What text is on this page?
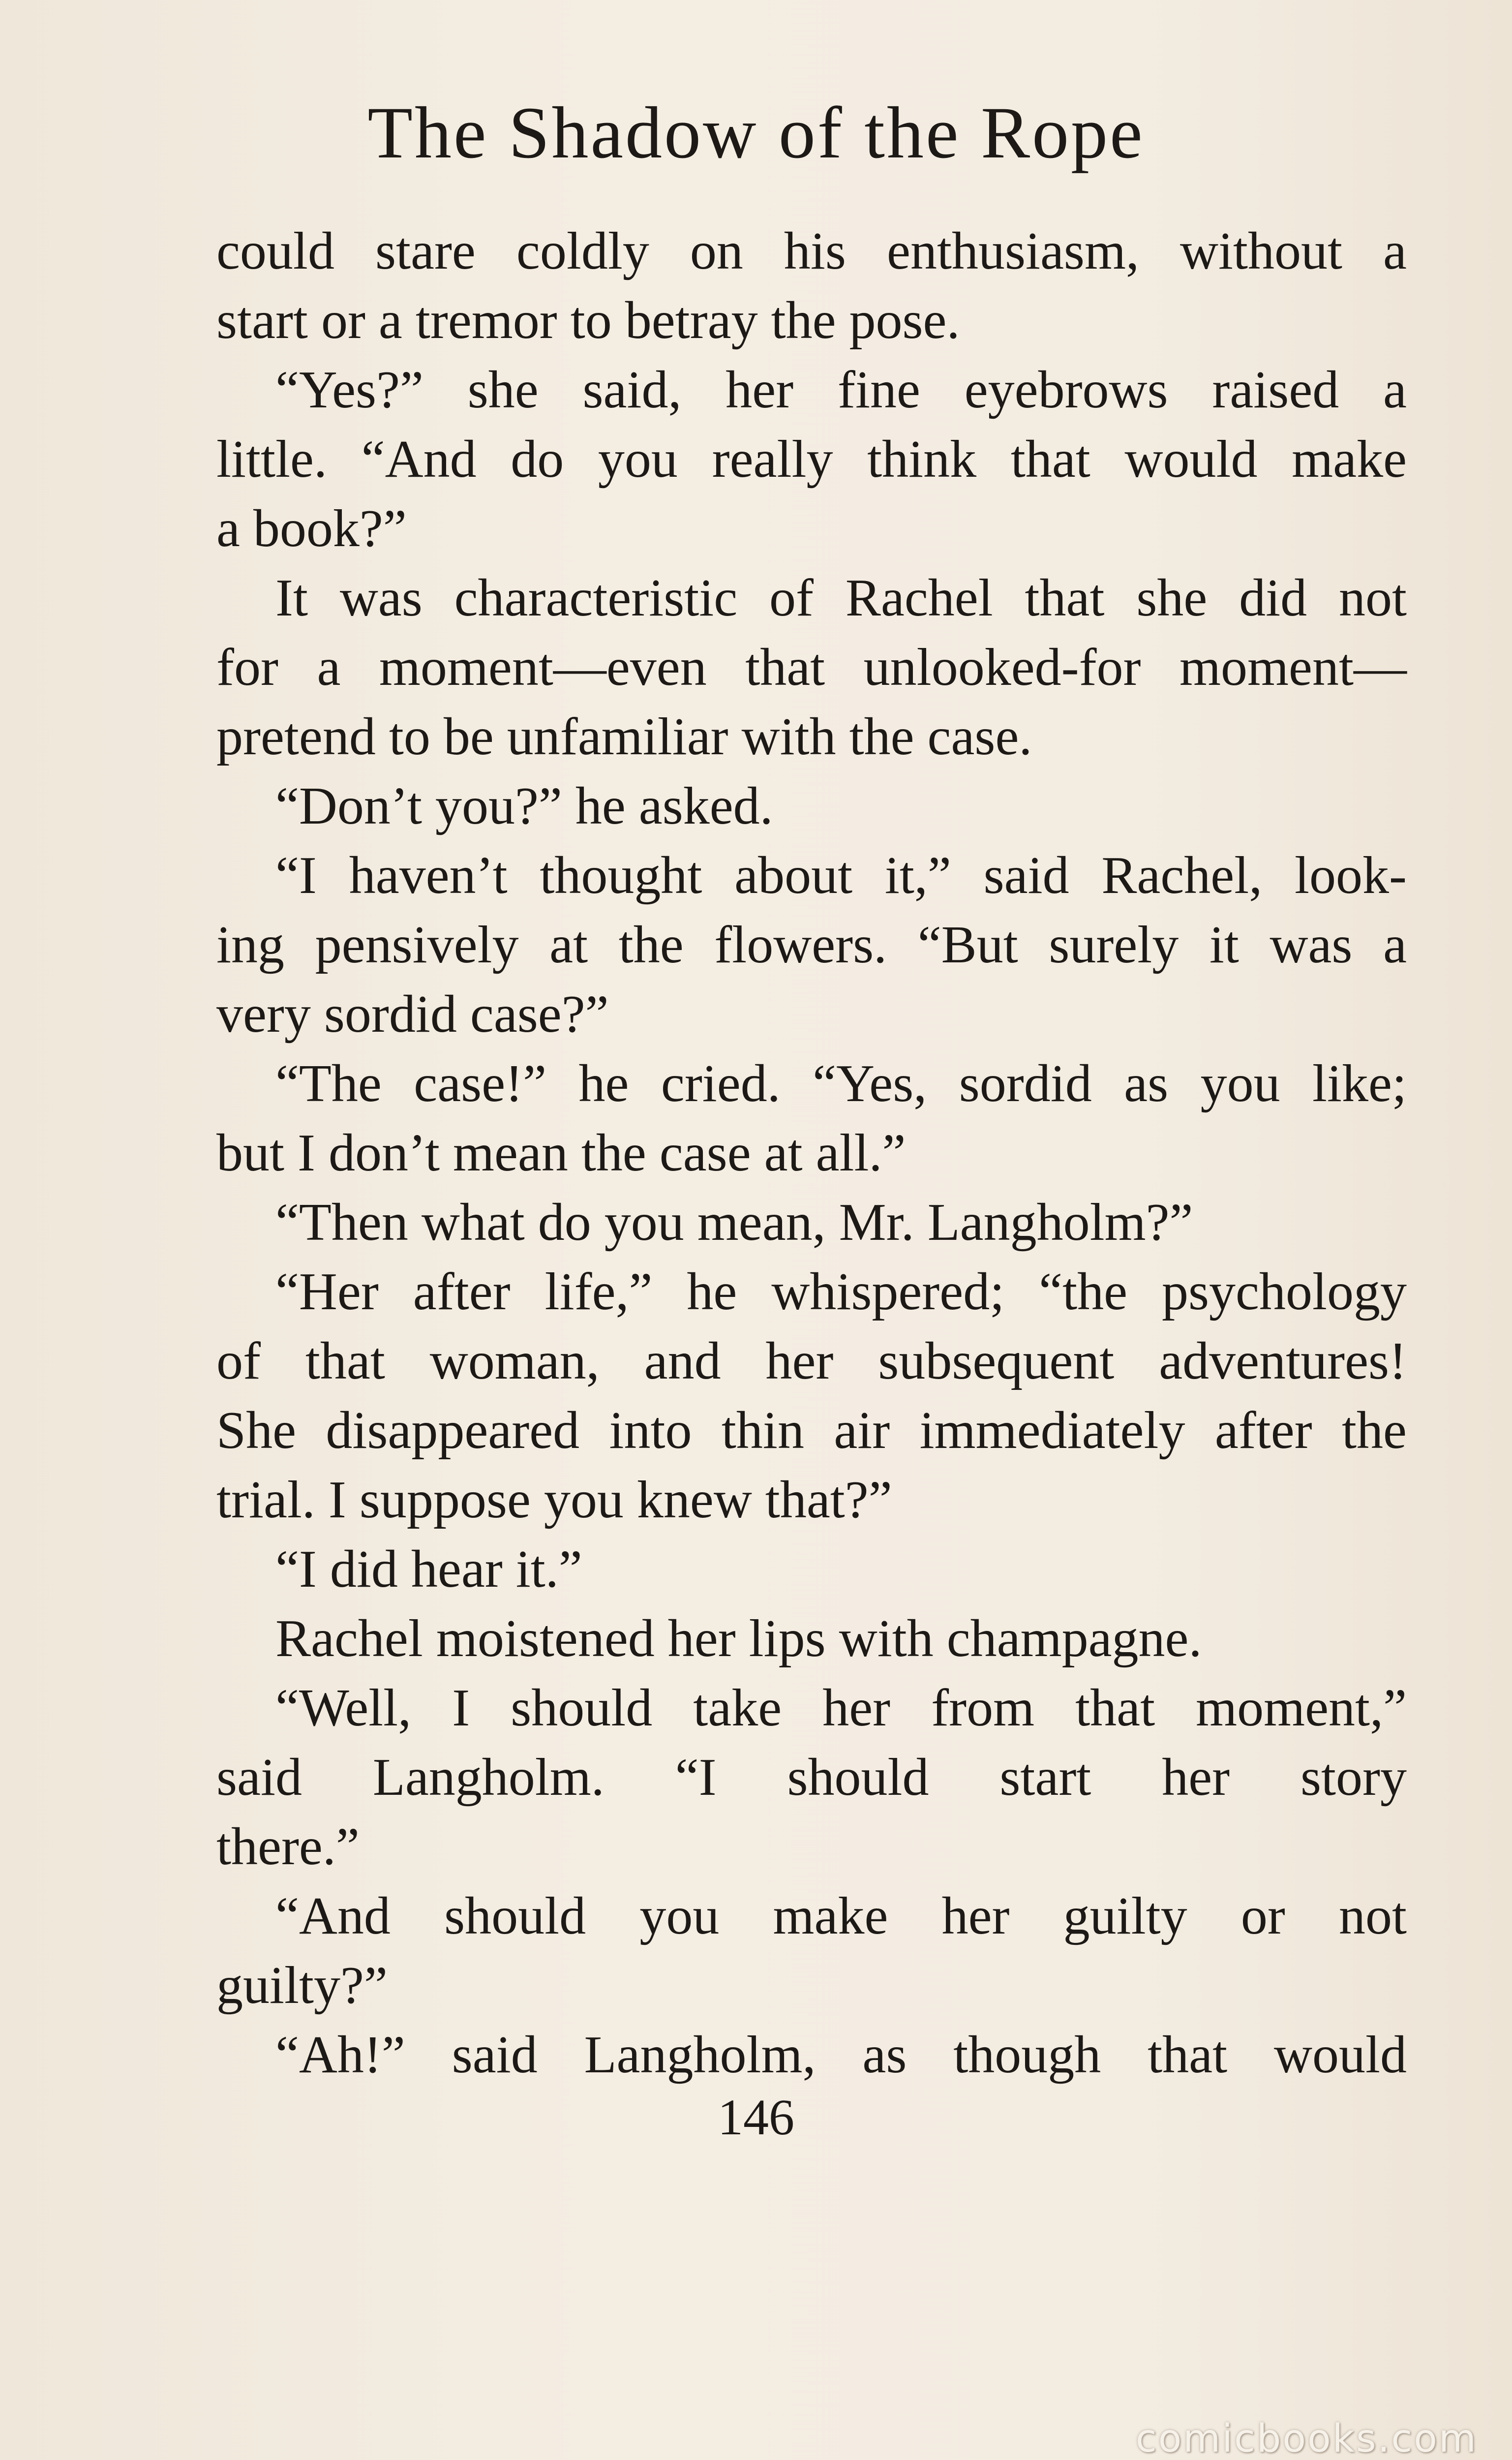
The Shadow of the Rope
could stare coldly on his enthusiasm, without a
start or a tremor to betray the pose.
“Yes?” she said, her fine eyebrows raised a
little. “And do you really think that would make
a book?”
It was characteristic of Rachel that she did not
for a moment—even that unlooked-for moment—
pretend to be unfamiliar with the case.
“Don’t you?” he asked.
“I haven’t thought about it,” said Rachel, look-
ing pensively at the flowers. “But surely it was a
very sordid case?”
“The case!” he cried. “Yes, sordid as you like;
but I don’t mean the case at all.”
“Then what do you mean, Mr. Langholm?”
“Her after life,” he whispered; “the psychology
of that woman, and her subsequent adventures!
She disappeared into thin air immediately after the
trial. I suppose you knew that?”
“I did hear it.”
Rachel moistened her lips with champagne.
“Well, I should take her from that moment,”
said Langholm. “I should start her story
there.”
“And should you make her guilty or not
guilty?”
“Ah!” said Langholm, as though that would
146
comicbooks.com
